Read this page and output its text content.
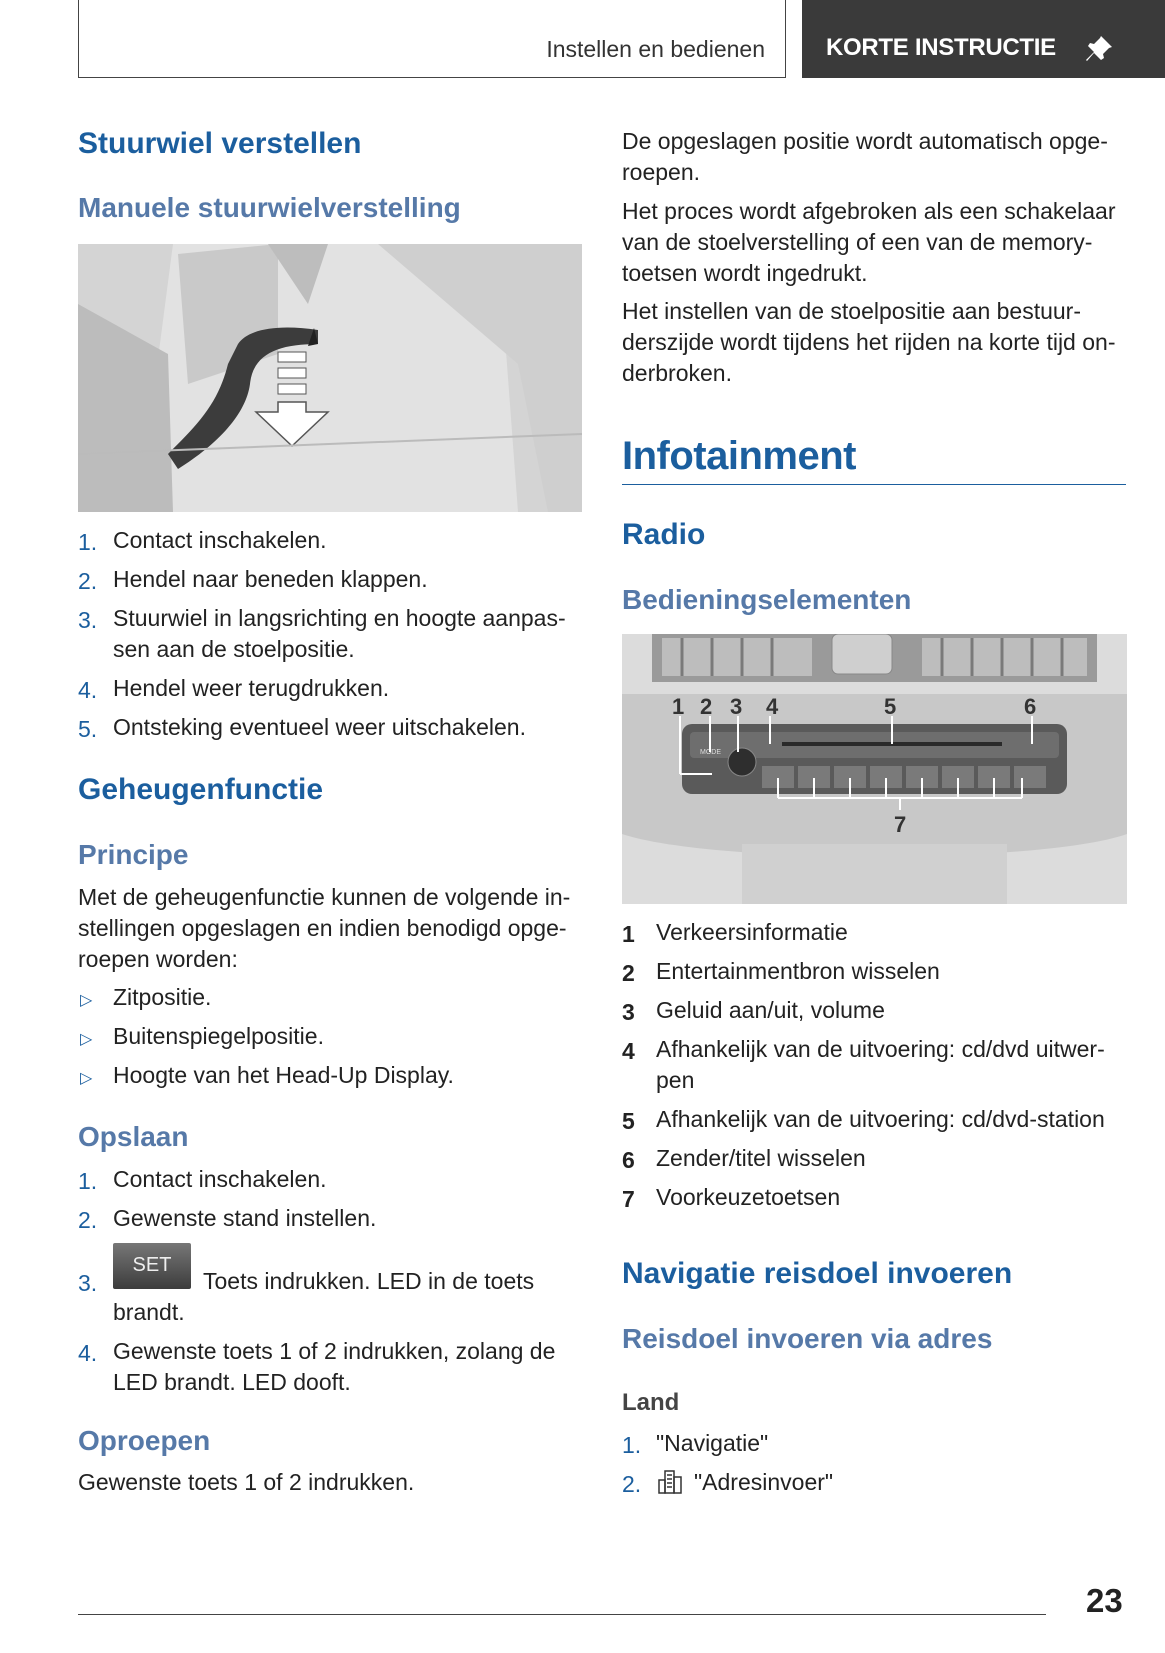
Instellen en bedienen	KORTE INSTRUCTIE
Stuurwiel verstellen
Manuele stuurwielverstelling
1. Contact inschakelen.
2. Hendel naar beneden klappen.
3. Stuurwiel in langsrichting en hoogte aanpas-
sen aan de stoelpositie.
4. Hendel weer terugdrukken.
5. Ontsteking eventueel weer uitschakelen.
Geheugenfunctie
Principe
Met de geheugenfunctie kunnen de volgende in-
stellingen opgeslagen en indien benodigd opge-
roepen worden:
▷ Zitpositie.
▷ Buitenspiegelpositie.
▷ Hoogte van het Head-Up Display.
Opslaan
1. Contact inschakelen.
2. Gewenste stand instellen.
3.
SET
Toets indrukken. LED in de toets
brandt.
4. Gewenste toets 1 of 2 indrukken, zolang de
LED brandt. LED dooft.
Oproepen
Gewenste toets 1 of 2 indrukken.
De opgeslagen positie wordt automatisch opge-
roepen.
Het proces wordt afgebroken als een schakelaar
van de stoelverstelling of een van de memory-
toetsen wordt ingedrukt.
Het instellen van de stoelpositie aan bestuur-
derszijde wordt tijdens het rijden na korte tijd on-
derbroken.
Infotainment
Radio
Bedieningselementen
MODE
1 2 3 4	5	6
7
1 Verkeersinformatie
2 Entertainmentbron wisselen
3 Geluid aan/uit, volume
4 Afhankelijk van de uitvoering: cd/dvd uitwer-
pen
5 Afhankelijk van de uitvoering: cd/dvd-station
6 Zender/titel wisselen
7 Voorkeuzetoetsen
Navigatie reisdoel invoeren
Reisdoel invoeren via adres
Land
1. "Navigatie"
2. "Adresinvoer"
23
